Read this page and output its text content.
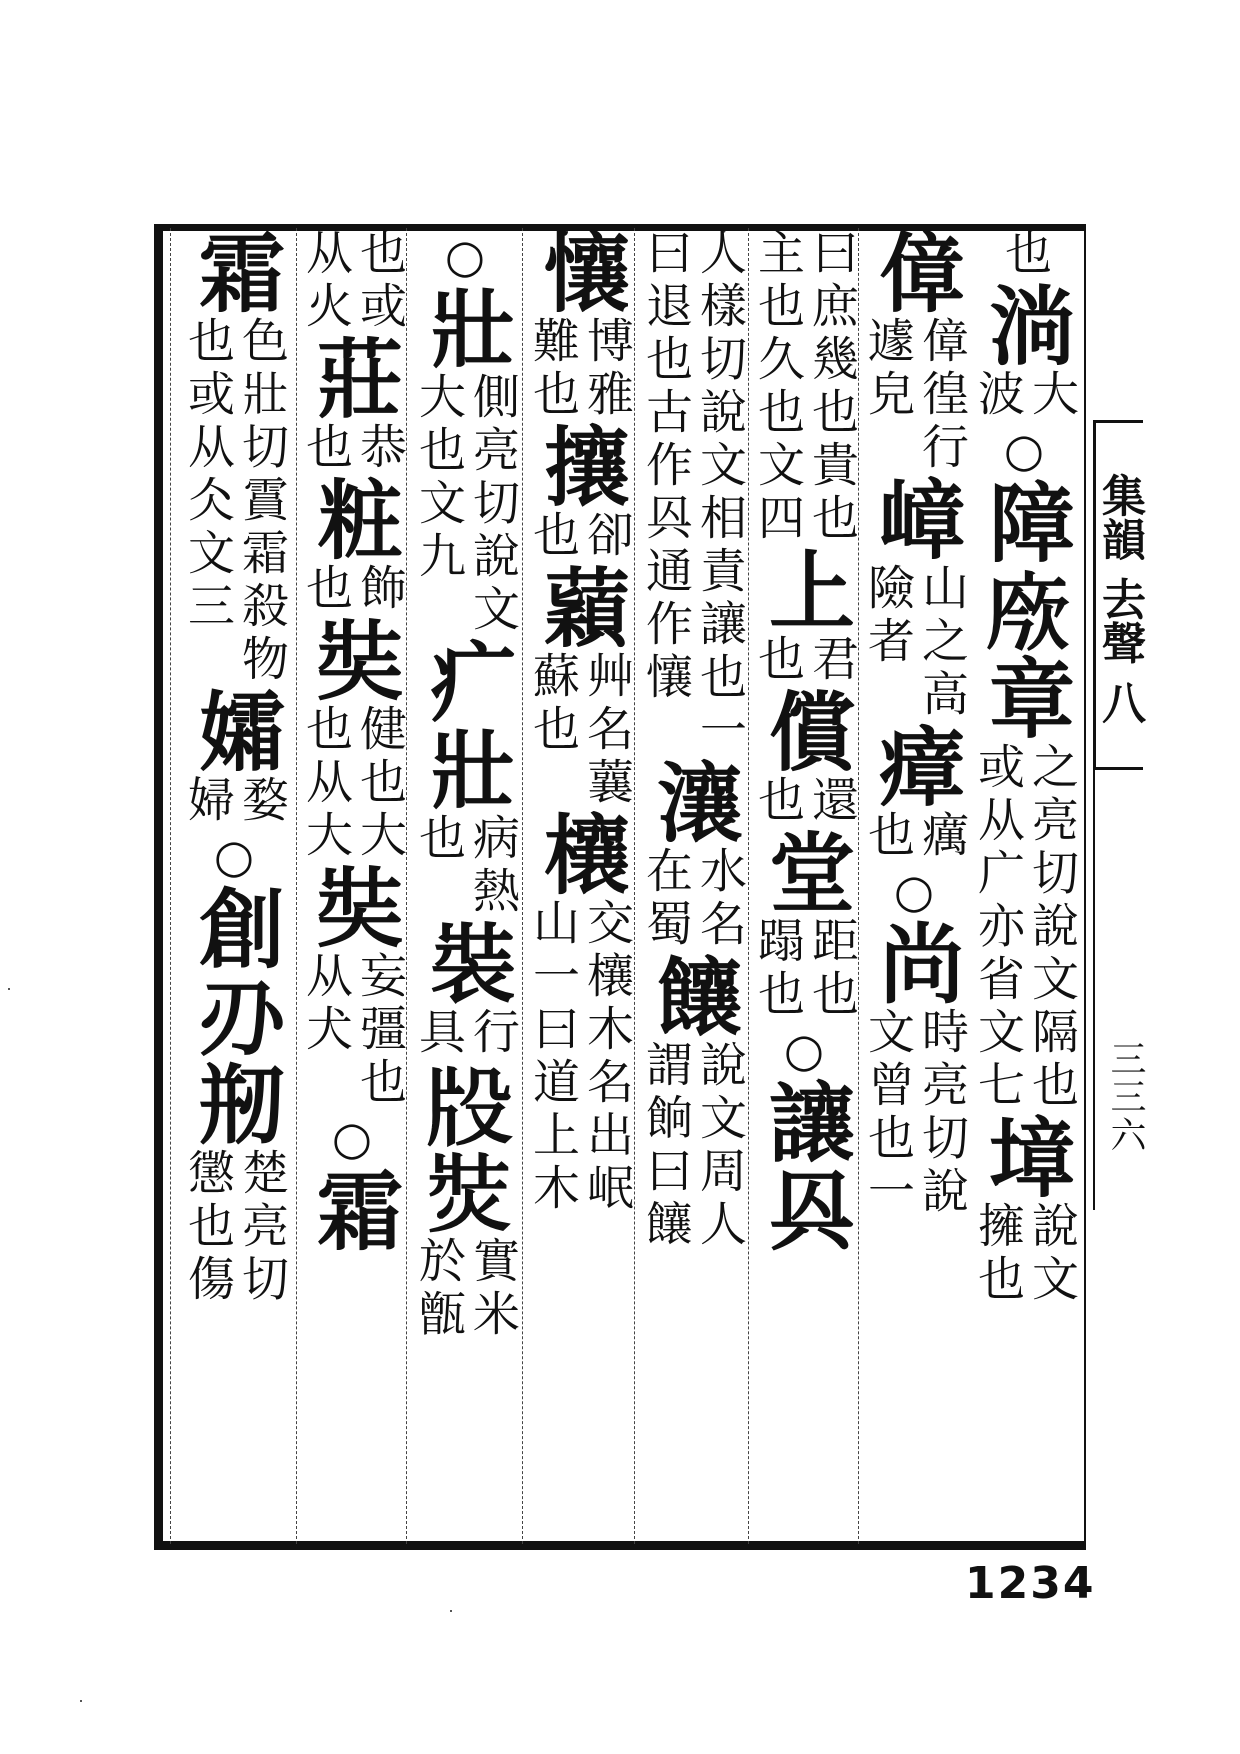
也
淌
大
波
○
障𢉄章
之亮切說文隔也
或从广亦省文七
墇
說文
擁也
傽
傽徨行
遽皃
嶂
山之高
險者
瘴
癘
也
○
尚
時亮切說
文曾也一
曰庶幾也貴也
主也久也文四
上
君
也
償
還
也
堂
距也
蹋也
○
讓㒷
人樣切說文相責讓也一
曰退也古作㒷通作懹
瀼
水名
在蜀
饟
說文周人
謂餉曰饟
懹
博雅
難也
攘
卻
也
蘔
艸名蘘
蘇也
欀
交欀木名出岷
山一曰道上木
○
壯
側亮切說文
大也文九
疒壯
病熱
也
裝
行
具
𤖬焋
實米
於甑
也或
从火
莊
恭
也
粧
飾
也
奘
健也大
也从大
奘
妄彊也
从犬
○
霜
霜
色壯切霣霜殺物
也或从仌文三
孀
婺
婦
○
創刅剏
楚亮切
懲也傷
集韻 去聲 八
三三六
1234
